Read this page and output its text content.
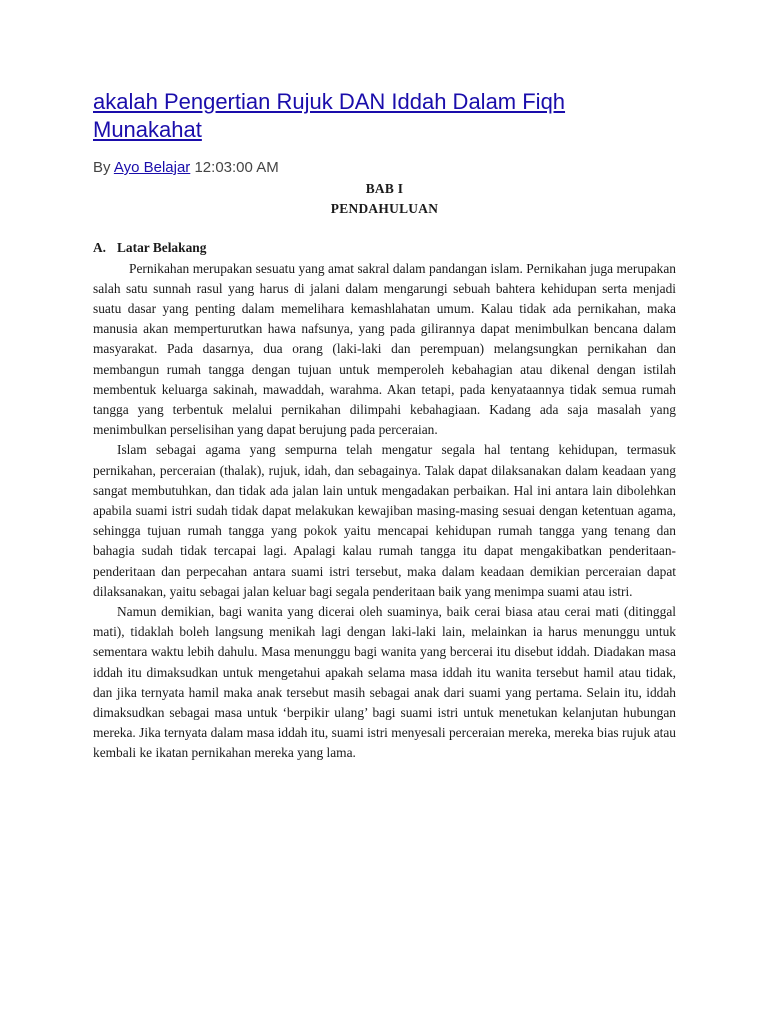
akalah Pengertian Rujuk DAN Iddah Dalam Fiqh Munakahat
By Ayo Belajar 12:03:00 AM
BAB I
PENDAHULUAN
A. Latar Belakang

Pernikahan merupakan sesuatu yang amat sakral dalam pandangan islam. Pernikahan juga merupakan salah satu sunnah rasul yang harus di jalani dalam mengarungi sebuah bahtera kehidupan serta menjadi suatu dasar yang penting dalam memelihara kemashlahatan umum. Kalau tidak ada pernikahan, maka manusia akan memperturutkan hawa nafsunya, yang pada gilirannya dapat menimbulkan bencana dalam masyarakat. Pada dasarnya, dua orang (laki-laki dan perempuan) melangsungkan pernikahan dan membangun rumah tangga dengan tujuan untuk memperoleh kebahagian atau dikenal dengan istilah membentuk keluarga sakinah, mawaddah, warahma. Akan tetapi, pada kenyataannya tidak semua rumah tangga yang terbentuk melalui pernikahan dilimpahi kebahagiaan. Kadang ada saja masalah yang menimbulkan perselisihan yang dapat berujung pada perceraian.

Islam sebagai agama yang sempurna telah mengatur segala hal tentang kehidupan, termasuk pernikahan, perceraian (thalak), rujuk, idah, dan sebagainya. Talak dapat dilaksanakan dalam keadaan yang sangat membutuhkan, dan tidak ada jalan lain untuk mengadakan perbaikan. Hal ini antara lain dibolehkan apabila suami istri sudah tidak dapat melakukan kewajiban masing-masing sesuai dengan ketentuan agama, sehingga tujuan rumah tangga yang pokok yaitu mencapai kehidupan rumah tangga yang tenang dan bahagia sudah tidak tercapai lagi. Apalagi kalau rumah tangga itu dapat mengakibatkan penderitaan-penderitaan dan perpecahan antara suami istri tersebut, maka dalam keadaan demikian perceraian dapat dilaksanakan, yaitu sebagai jalan keluar bagi segala penderitaan baik yang menimpa suami atau istri.

Namun demikian, bagi wanita yang dicerai oleh suaminya, baik cerai biasa atau cerai mati (ditinggal mati), tidaklah boleh langsung menikah lagi dengan laki-laki lain, melainkan ia harus menunggu untuk sementara waktu lebih dahulu. Masa menunggu bagi wanita yang bercerai itu disebut iddah. Diadakan masa iddah itu dimaksudkan untuk mengetahui apakah selama masa iddah itu wanita tersebut hamil atau tidak, dan jika ternyata hamil maka anak tersebut masih sebagai anak dari suami yang pertama. Selain itu, iddah dimaksudkan sebagai masa untuk ‘berpikir ulang’ bagi suami istri untuk menetukan kelanjutan hubungan mereka. Jika ternyata dalam masa iddah itu, suami istri menyesali perceraian mereka, mereka bias rujuk atau kembali ke ikatan pernikahan mereka yang lama.
